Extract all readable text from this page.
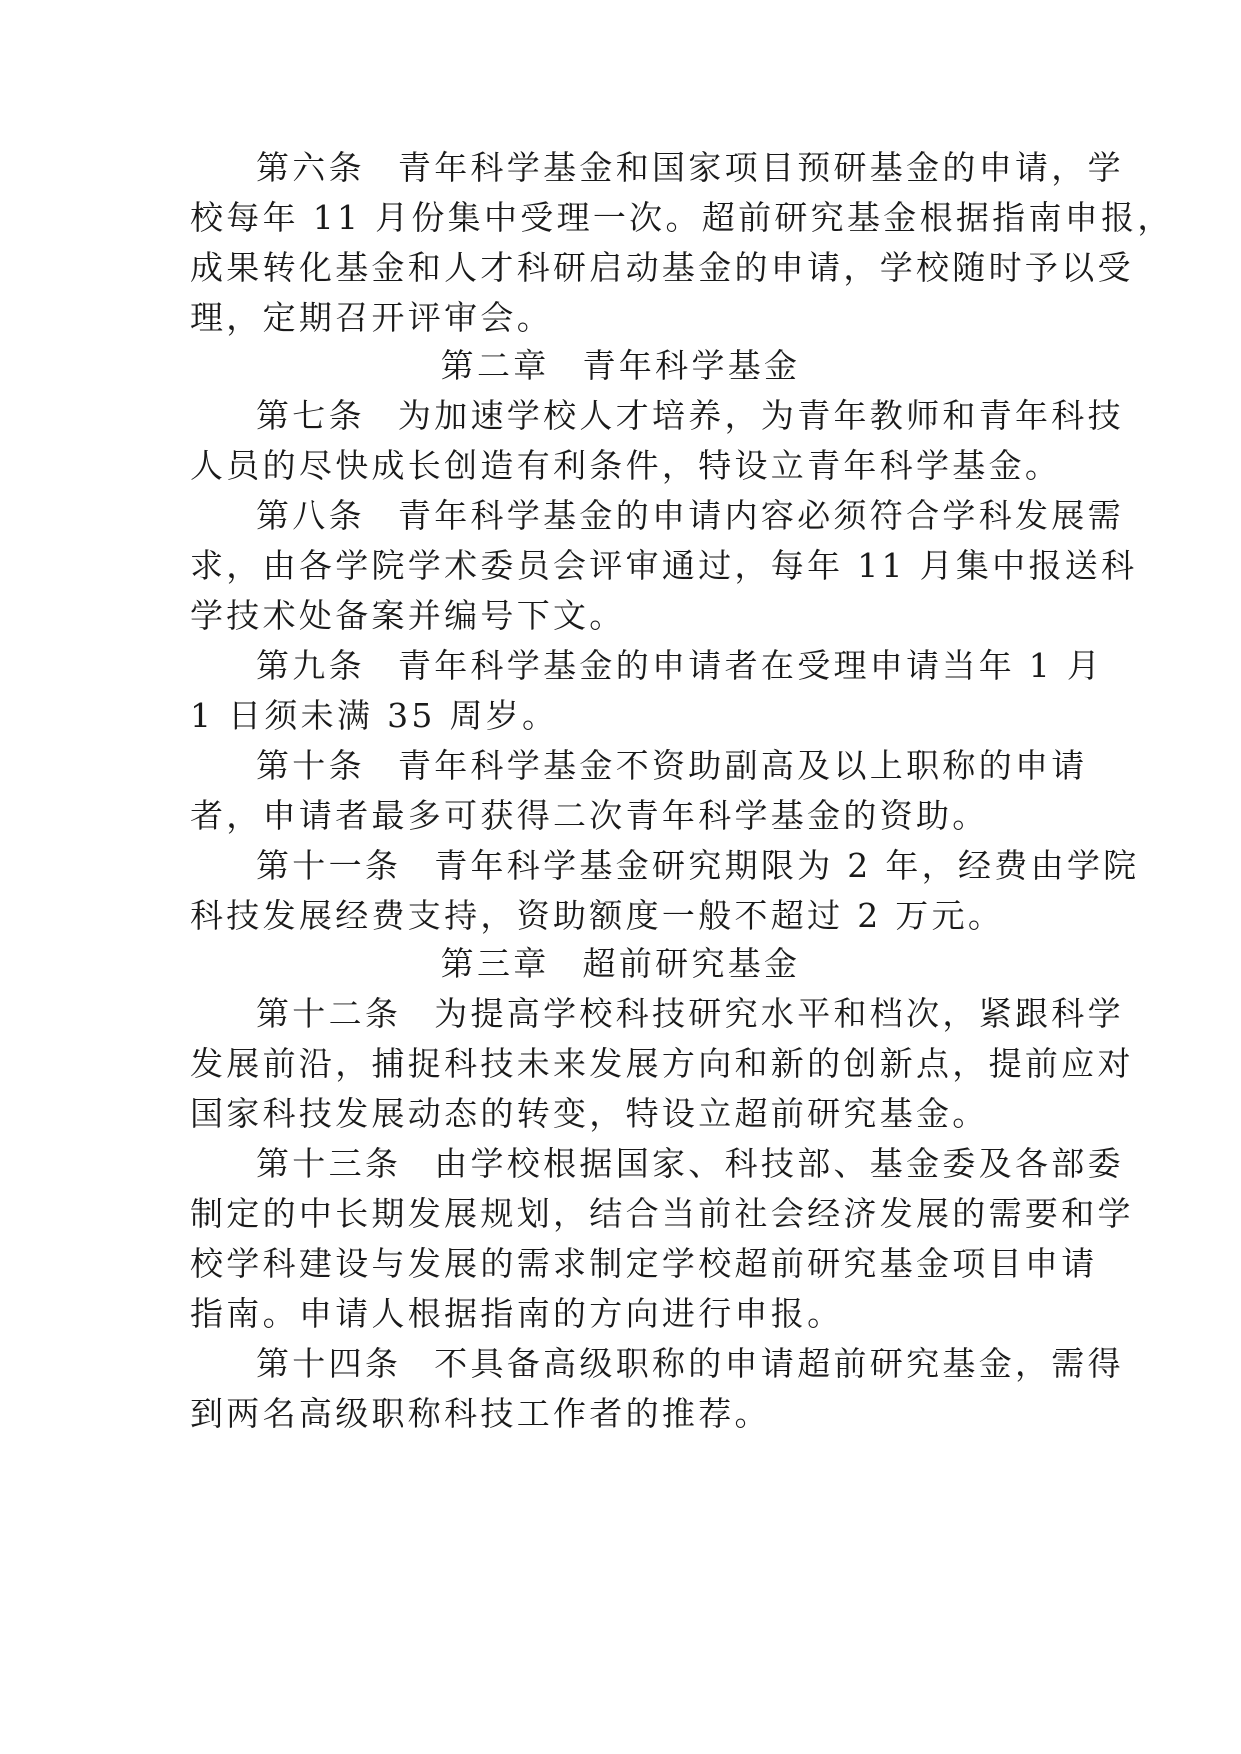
第六条 青年科学基金和国家项目预研基金的申请，学
校每年 11 月份集中受理一次。超前研究基金根据指南申报，
成果转化基金和人才科研启动基金的申请，学校随时予以受
理，定期召开评审会。
第二章 青年科学基金
第七条 为加速学校人才培养，为青年教师和青年科技
人员的尽快成长创造有利条件，特设立青年科学基金。
第八条 青年科学基金的申请内容必须符合学科发展需
求，由各学院学术委员会评审通过，每年 11 月集中报送科
学技术处备案并编号下文。
第九条 青年科学基金的申请者在受理申请当年 1 月
1 日须未满 35 周岁。
第十条 青年科学基金不资助副高及以上职称的申请
者，申请者最多可获得二次青年科学基金的资助。
第十一条 青年科学基金研究期限为 2 年，经费由学院
科技发展经费支持，资助额度一般不超过 2 万元。
第三章 超前研究基金
第十二条 为提高学校科技研究水平和档次，紧跟科学
发展前沿，捕捉科技未来发展方向和新的创新点，提前应对
国家科技发展动态的转变，特设立超前研究基金。
第十三条 由学校根据国家、科技部、基金委及各部委
制定的中长期发展规划，结合当前社会经济发展的需要和学
校学科建设与发展的需求制定学校超前研究基金项目申请
指南。申请人根据指南的方向进行申报。
第十四条 不具备高级职称的申请超前研究基金，需得
到两名高级职称科技工作者的推荐。
